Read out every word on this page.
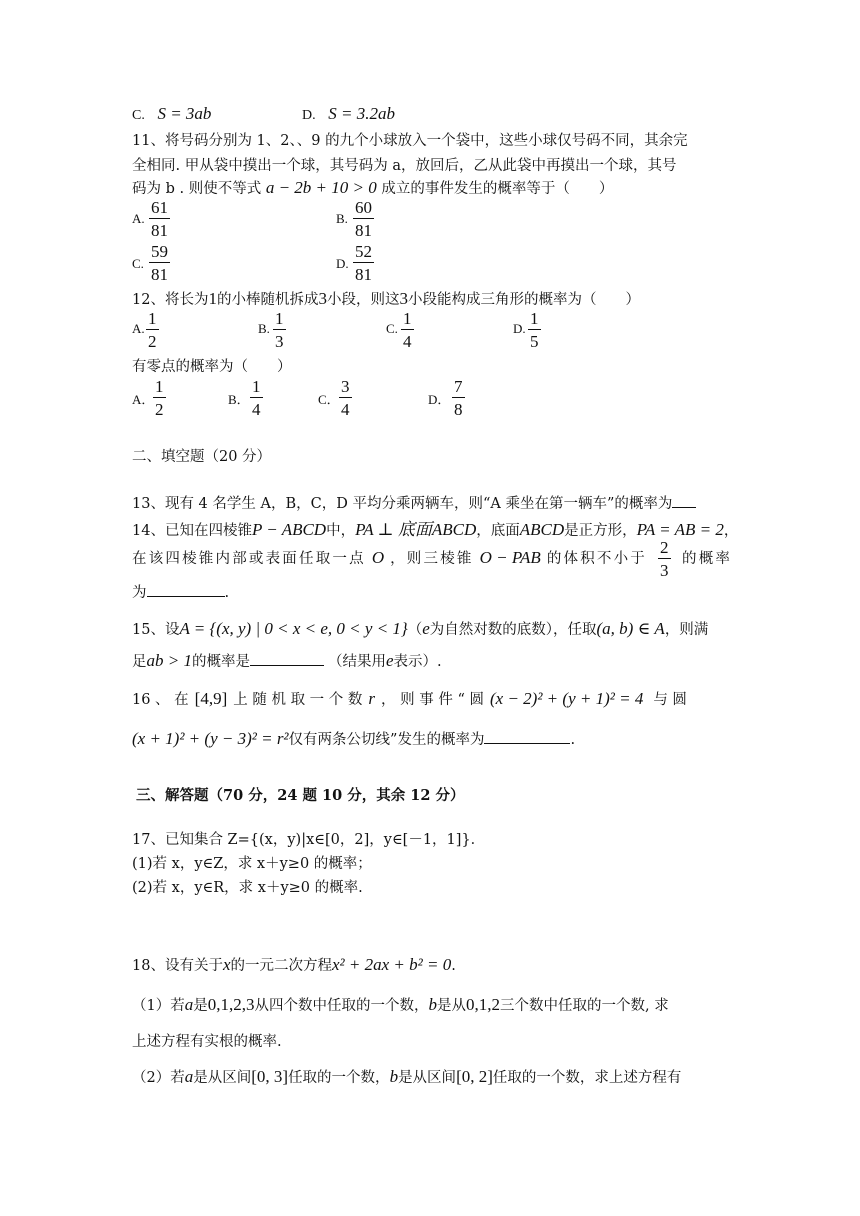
C. S = 3ab	D. S = 3.2ab
11、将号码分别为 1、2、、9 的九个小球放入一个袋中，这些小球仅号码不同，其余完
全相同. 甲从袋中摸出一个球，其号码为 a，放回后，乙从此袋中再摸出一个球，其号
码为 b . 则使不等式 a − 2b + 10 > 0 成立的事件发生的概率等于（　　）
A. $\frac{61}{81}$	B. $\frac{60}{81}$
C. $\frac{59}{81}$	D. $\frac{52}{81}$
12、将长为1的小棒随机拆成3小段，则这3小段能构成三角形的概率为（　　）
A. $\frac{1}{2}$	B. $\frac{1}{3}$	C. $\frac{1}{4}$	D. $\frac{1}{5}$
有零点的概率为（　　）
A．
$\frac{1}{2}$	B． $\frac{1}{4}$	C． $\frac{3}{4}$	D． $\frac{7}{8}$
二、填空题（20 分）
13、现有 4 名学生 A，B，C，D 平均分乘两辆车，则“A 乘坐在第一辆车”的概率为
14、已知在四棱锥P − ABCD中，PA ⊥ 底面ABCD，底面ABCD是正方形，PA = AB = 2，
在该四棱锥内部或表面任取一点 O ，则三棱锥 O − PAB 的体积不小于 $\frac{2}{3}$ 的概率
为	.
15、设A = {(x, y) | 0 < x < e, 0 < y < 1}（e为自然对数的底数），任取(a, b) ∈ A，则满
足ab > 1的概率是	（结果用e表示）.
16 、 在 [4,9] 上 随 机 取 一 个 数 r ， 则 事 件 “ 圆 (x − 2)² + (y + 1)² = 4 与 圆
(x + 1)² + (y − 3)² = r²仅有两条公切线”发生的概率为	.
三、解答题（70 分，24 题 10 分，其余 12 分）
17、已知集合 Z={(x，y)|x∈[0，2]，y∈[－1，1]}．
(1)若 x，y∈Z，求 x＋y≥0 的概率；
(2)若 x，y∈R，求 x＋y≥0 的概率.
18、设有关于x的一元二次方程x² + 2ax + b² = 0.
（1）若a是0,1,2,3从四个数中任取的一个数，b是从0,1,2三个数中任取的一个数, 求
上述方程有实根的概率.
（2）若a是从区间[0, 3]任取的一个数，b是从区间[0, 2]任取的一个数，求上述方程有
